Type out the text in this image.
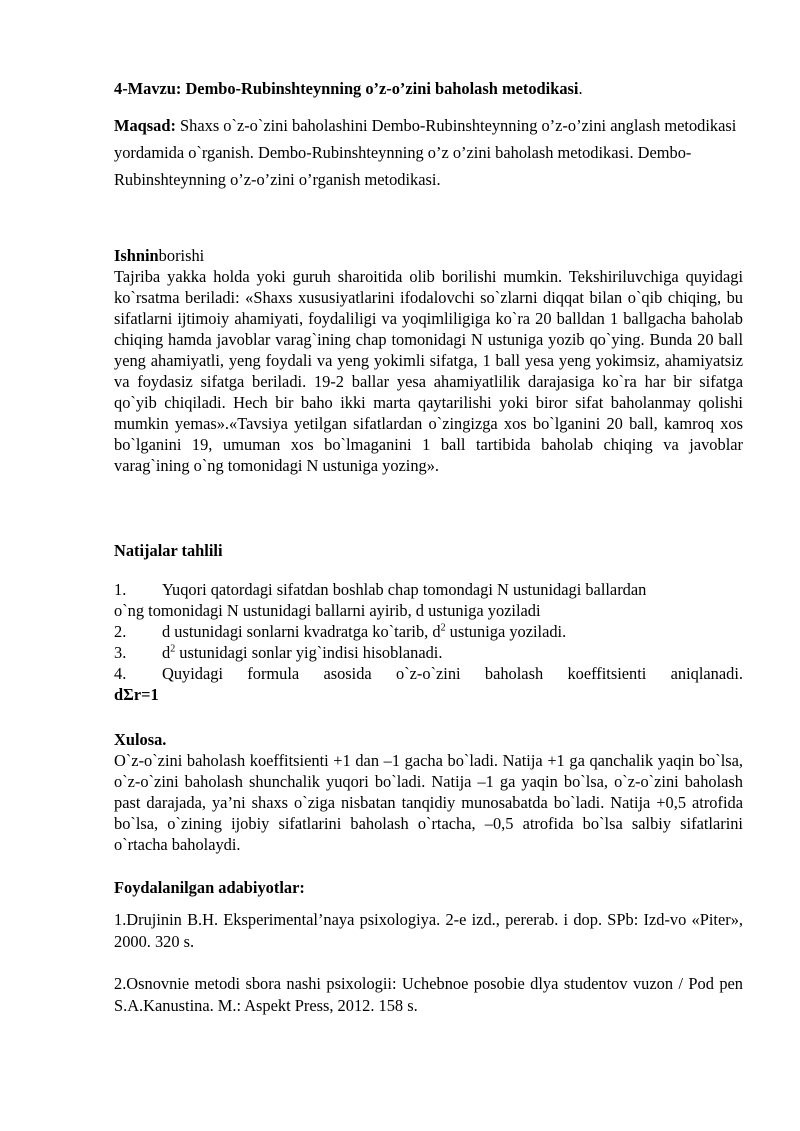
4-Mavzu: Dembo-Rubinshteynning o’z-o’zini baholash metodikasi.

Maqsad: Shaxs o`z-o`zini baholashini Dembo-Rubinshteynning o’z-o’zini anglash metodikasi yordamida o`rganish. Dembo-Rubinshteynning o’z o’zini baholash metodikasi. Dembo-Rubinshteynning o’z-o’zini o’rganish metodikasi.

Ishninborishi

Tajriba yakka holda yoki guruh sharoitida olib borilishi mumkin. Tekshiriluvchiga quyidagi ko`rsatma beriladi: «Shaxs xususiyatlarini ifodalovchi so`zlarni diqqat bilan o`qib chiqing, bu sifatlarni ijtimoiy ahamiyati, foydaliligi va yoqimliligiga ko`ra 20 balldan 1 ballgacha baholab chiqing hamda javoblar varag`ining chap tomonidagi N ustuniga yozib qo`ying. Bunda 20 ball yeng ahamiyatli, yeng foydali va yeng yokimli sifatga, 1 ball yesa yeng yokimsiz, ahamiyatsiz va foydasiz sifatga beriladi. 19-2 ballar yesa ahamiyatlilik darajasiga ko`ra har bir sifatga qo`yib chiqiladi. Hech bir baho ikki marta qaytarilishi yoki biror sifat baholanmay qolishi mumkin yemas».«Tavsiya yetilgan sifatlardan o`zingizga xos bo`lganini 20 ball, kamroq xos bo`lganini 19, umuman xos bo`lmaganini 1 ball tartibida baholab chiqing va javoblar varag`ining o`ng tomonidagi N ustuniga yozing».

Natijalar tahlili

1.	Yuqori qatordagi sifatdan boshlab chap tomondagi N ustunidagi ballardan
o`ng tomonidagi N ustunidagi ballarni ayirib, d ustuniga yoziladi
2.	d ustunidagi sonlarni kvadratga ko`tarib, $d^2$ ustuniga yoziladi.
3.	$d^2$ ustunidagi sonlar yig`indisi hisoblanadi.
4.	Quyidagi formula asosida o`z-o`zini baholash koeffitsienti aniqlanadi.
dΣr=1

Xulosa.

O`z-o`zini baholash koeffitsienti +1 dan –1 gacha bo`ladi. Natija +1 ga qanchalik yaqin bo`lsa, o`z-o`zini baholash shunchalik yuqori bo`ladi. Natija –1 ga yaqin bo`lsa, o`z-o`zini baholash past darajada, ya’ni shaxs o`ziga nisbatan tanqidiy munosabatda bo`ladi. Natija +0,5 atrofida bo`lsa, o`zining ijobiy sifatlarini baholash o`rtacha, –0,5 atrofida bo`lsa salbiy sifatlarini o`rtacha baholaydi.

Foydalanilgan adabiyotlar:

1.Drujinin B.H. Eksperimental’naya psixologiya. 2-e izd., pererab. i dop. SPb: Izd-vo «Piter», 2000. 320 s.

2.Osnovnie metodi sbora nashi psixologii: Uchebnoe posobie dlya studentov vuzon / Pod pen S.A.Kanustina. M.: Aspekt Press, 2012. 158 s.
